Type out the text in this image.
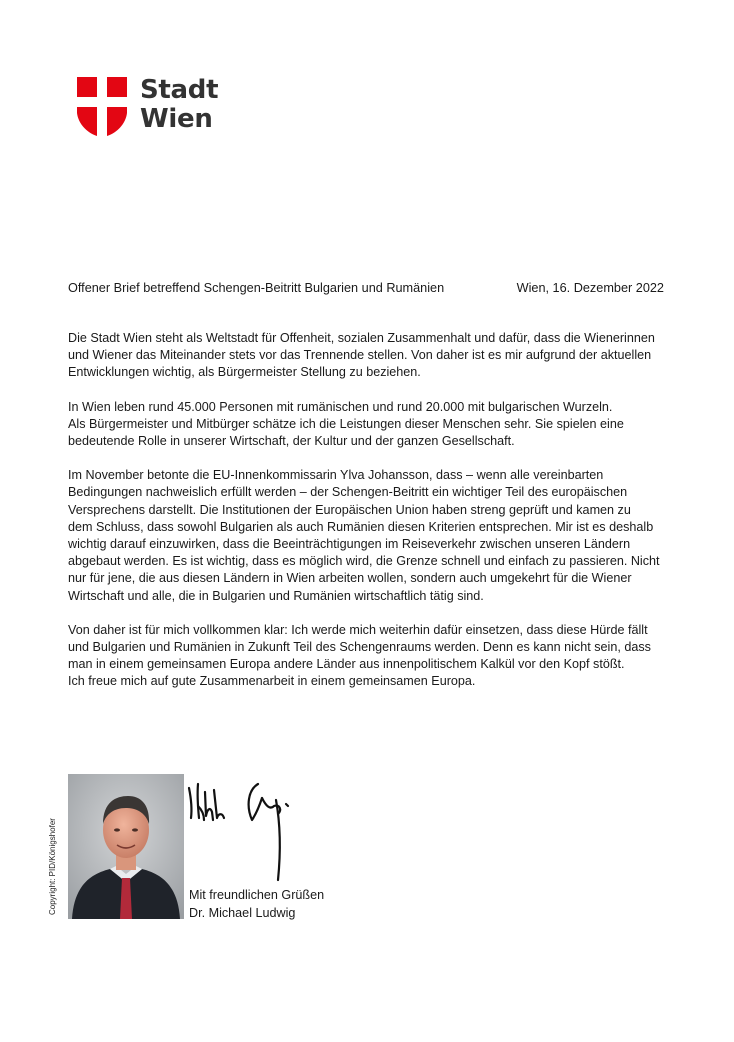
Stadt
Wien
Offener Brief betreffend Schengen-Beitritt Bulgarien und Rumänien	Wien, 16. Dezember 2022

Die Stadt Wien steht als Weltstadt für Offenheit, sozialen Zusammenhalt und dafür, dass die Wienerinnen
und Wiener das Miteinander stets vor das Trennende stellen. Von daher ist es mir aufgrund der aktuellen
Entwicklungen wichtig, als Bürgermeister Stellung zu beziehen.

In Wien leben rund 45.000 Personen mit rumänischen und rund 20.000 mit bulgarischen Wurzeln.
Als Bürgermeister und Mitbürger schätze ich die Leistungen dieser Menschen sehr. Sie spielen eine
bedeutende Rolle in unserer Wirtschaft, der Kultur und der ganzen Gesellschaft.

Im November betonte die EU-Innenkommissarin Ylva Johansson, dass – wenn alle vereinbarten
Bedingungen nachweislich erfüllt werden – der Schengen-Beitritt ein wichtiger Teil des europäischen
Versprechens darstellt. Die Institutionen der Europäischen Union haben streng geprüft und kamen zu
dem Schluss, dass sowohl Bulgarien als auch Rumänien diesen Kriterien entsprechen. Mir ist es deshalb
wichtig darauf einzuwirken, dass die Beeinträchtigungen im Reiseverkehr zwischen unseren Ländern
abgebaut werden. Es ist wichtig, dass es möglich wird, die Grenze schnell und einfach zu passieren. Nicht
nur für jene, die aus diesen Ländern in Wien arbeiten wollen, sondern auch umgekehrt für die Wiener
Wirtschaft und alle, die in Bulgarien und Rumänien wirtschaftlich tätig sind.

Von daher ist für mich vollkommen klar: Ich werde mich weiterhin dafür einsetzen, dass diese Hürde fällt
und Bulgarien und Rumänien in Zukunft Teil des Schengenraums werden. Denn es kann nicht sein, dass
man in einem gemeinsamen Europa andere Länder aus innenpolitischem Kalkül vor den Kopf stößt.
Ich freue mich auf gute Zusammenarbeit in einem gemeinsamen Europa.

Copyright: PID/Königshofer	Mit freundlichen Grüßen
Dr. Michael Ludwig
